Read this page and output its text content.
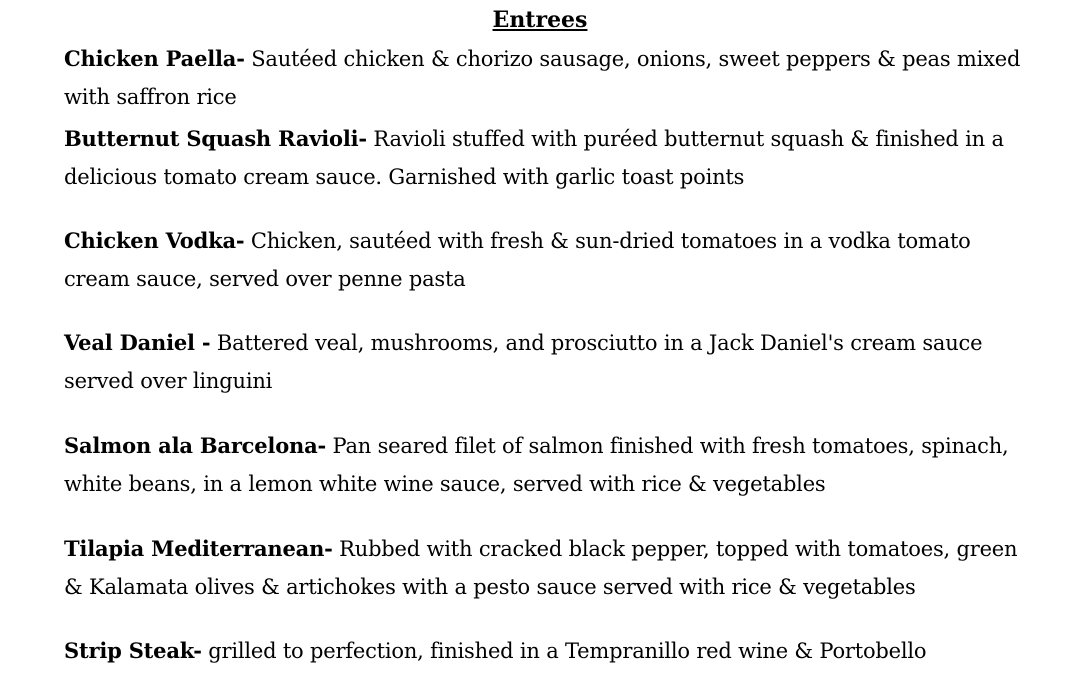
Entrees
Chicken Paella- Sautéed chicken & chorizo sausage, onions, sweet peppers & peas mixed with saffron rice
Butternut Squash Ravioli- Ravioli stuffed with puréed butternut squash & finished in a delicious tomato cream sauce. Garnished with garlic toast points
Chicken Vodka- Chicken, sautéed with fresh & sun-dried tomatoes in a vodka tomato cream sauce, served over penne pasta
Veal Daniel - Battered veal, mushrooms, and prosciutto in a Jack Daniel's cream sauce served over linguini
Salmon ala Barcelona- Pan seared filet of salmon finished with fresh tomatoes, spinach, white beans, in a lemon white wine sauce, served with rice & vegetables
Tilapia Mediterranean- Rubbed with cracked black pepper, topped with tomatoes, green & Kalamata olives & artichokes with a pesto sauce served with rice & vegetables
Strip Steak- grilled to perfection, finished in a Tempranillo red wine & Portobello
